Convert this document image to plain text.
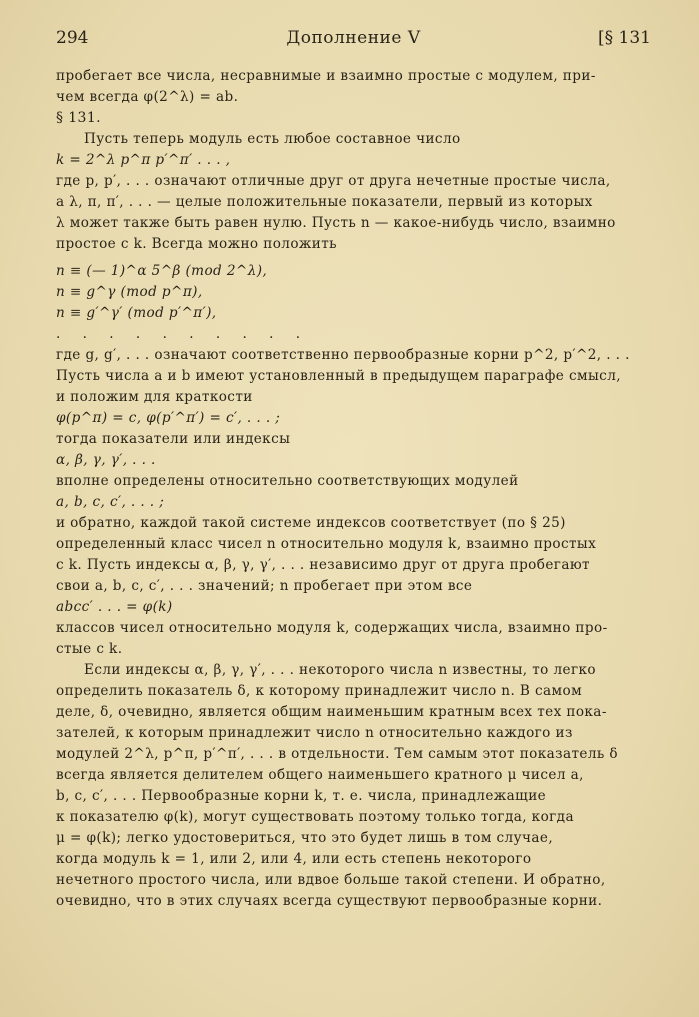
294	Дополнение V	[§ 131

пробегает все числа, несравнимые и взаимно простые с модулем, при-

чем всегда φ(2^λ) = ab.

§ 131.

Пусть теперь модуль есть любое составное число

k = 2^λ p^π p′^π′ . . . ,

где p, p′, . . . означают отличные друг от друга нечетные простые числа,

а λ, π, π′, . . . — целые положительные показатели, первый из которых

λ может также быть равен нулю. Пусть n — какое-нибудь число, взаимно

простое с k. Всегда можно положить

n ≡ (— 1)^α 5^β (mod 2^λ),

n ≡ g^γ (mod p^π),

n ≡ g′^γ′ (mod p′^π′),

. . . . . . . . . .

где g, g′, . . . означают соответственно первообразные корни p^2, p′^2, . . .

Пусть числа a и b имеют установленный в предыдущем параграфе смысл,

и положим для краткости

φ(p^π) = c, φ(p′^π′) = c′, . . . ;

тогда показатели или индексы

α, β, γ, γ′, . . .

вполне определены относительно соответствующих модулей

a, b, c, c′, . . . ;

и обратно, каждой такой системе индексов соответствует (по § 25)

определенный класс чисел n относительно модуля k, взаимно простых

с k. Пусть индексы α, β, γ, γ′, . . . независимо друг от друга пробегают

свои a, b, c, c′, . . . значений; n пробегает при этом все

abcc′ . . . = φ(k)

классов чисел относительно модуля k, содержащих числа, взаимно про-

стые с k.

Если индексы α, β, γ, γ′, . . . некоторого числа n известны, то легко

определить показатель δ, к которому принадлежит число n. В самом

деле, δ, очевидно, является общим наименьшим кратным всех тех пока-

зателей, к которым принадлежит число n относительно каждого из

модулей 2^λ, p^π, p′^π′, . . . в отдельности. Тем самым этот показатель δ

всегда является делителем общего наименьшего кратного μ чисел a,

b, c, c′, . . . Первообразные корни k, т. е. числа, принадлежащие

к показателю φ(k), могут существовать поэтому только тогда, когда

μ = φ(k); легко удостовериться, что это будет лишь в том случае,

когда модуль k = 1, или 2, или 4, или есть степень некоторого

нечетного простого числа, или вдвое больше такой степени. И обратно,

очевидно, что в этих случаях всегда существуют первообразные корни.
